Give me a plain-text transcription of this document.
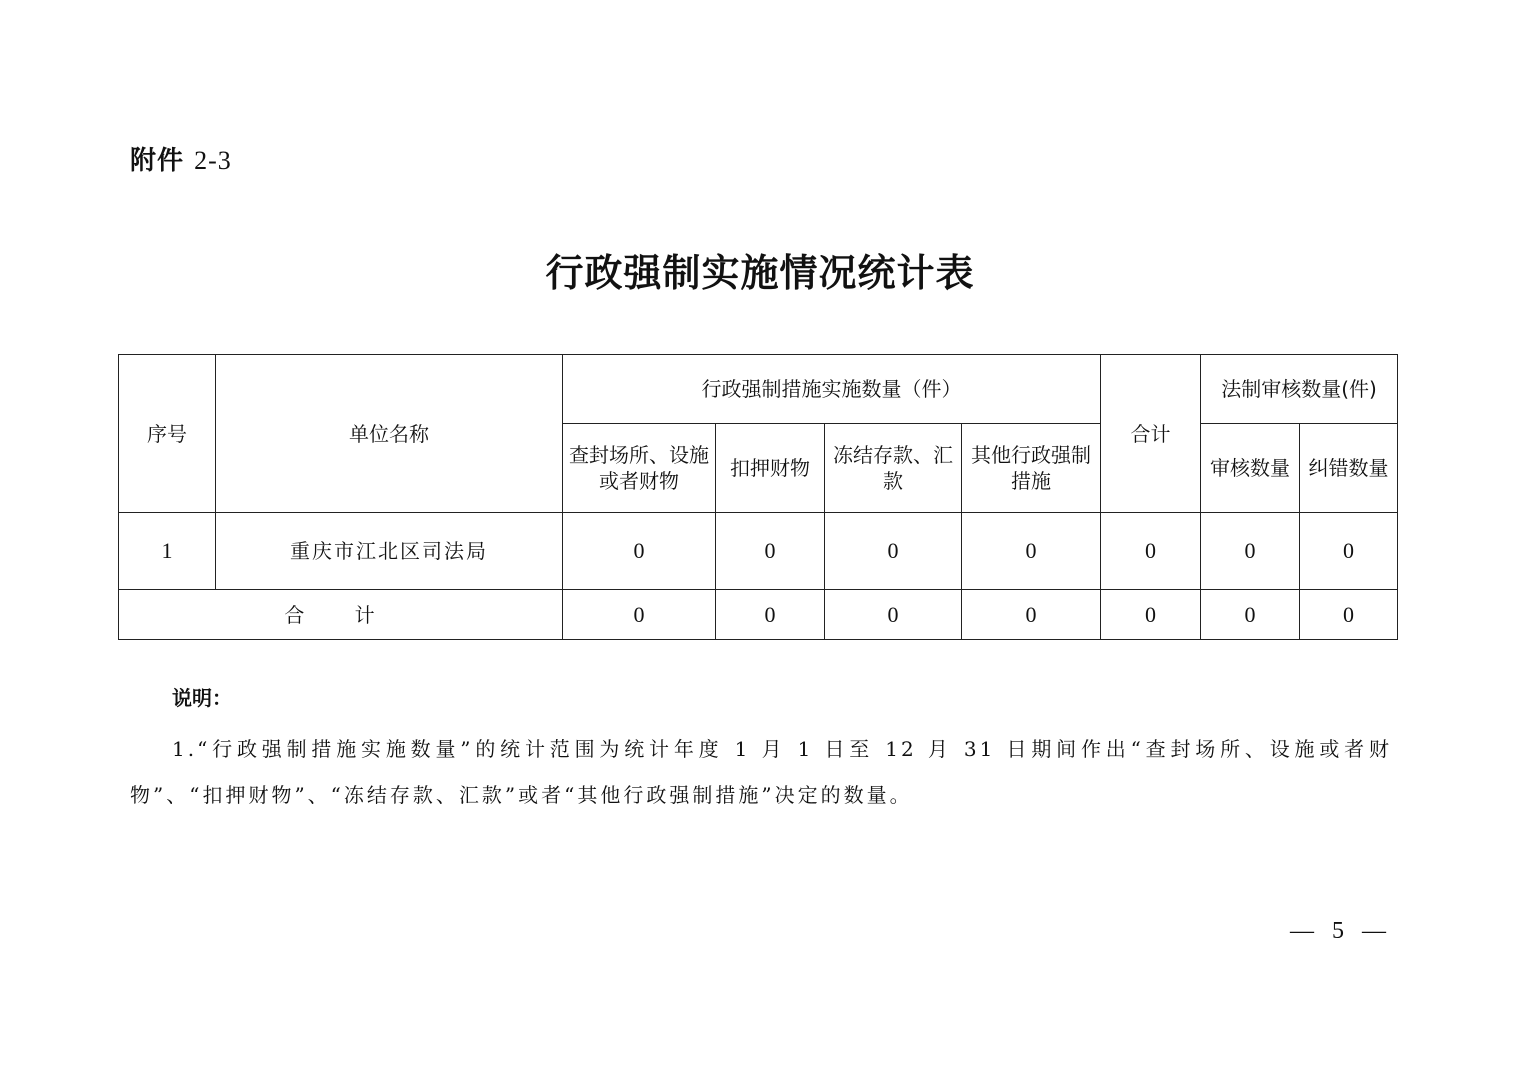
附件 2-3
行政强制实施情况统计表
序号	单位名称	行政强制措施实施数量（件）				合计	法制审核数量(件)	
		查封场所、设施或者财物	扣押财物	冻结存款、汇款	其他行政强制措施		审核数量	纠错数量
1	重庆市江北区司法局	0	0	0	0	0	0	0
合 计		0	0	0	0	0	0	0
说明：
1.“行政强制措施实施数量”的统计范围为统计年度 1 月 1 日至 12 月 31 日期间作出“查封场所、设施或者财物”、“扣押财物”、“冻结存款、汇款”或者“其他行政强制措施”决定的数量。
— 5 —
